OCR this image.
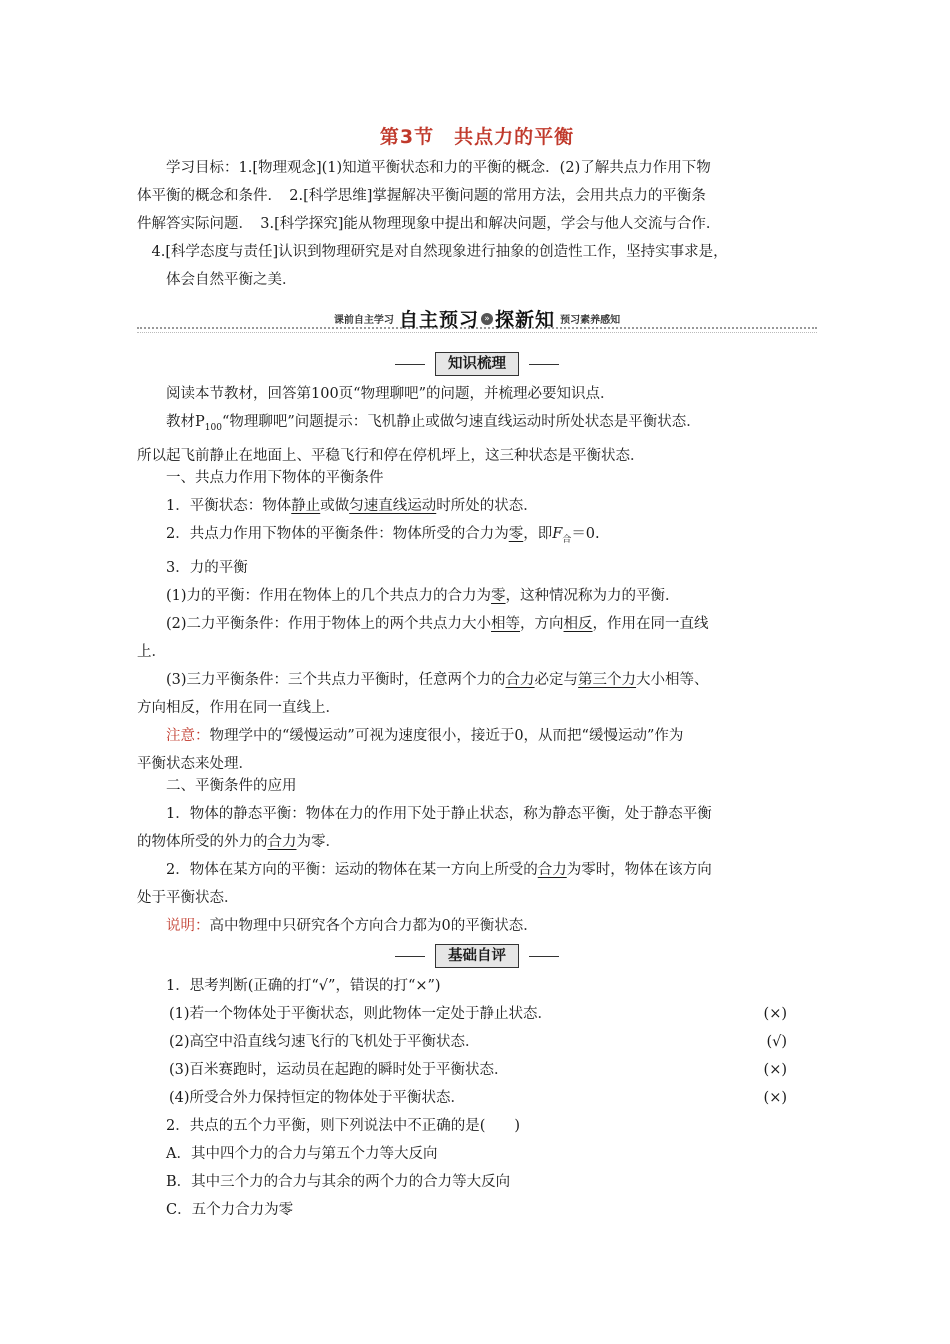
第3节　共点力的平衡
学习目标：1.[物理观念](1)知道平衡状态和力的平衡的概念．(2)了解共点力作用下物
体平衡的概念和条件．　2.[科学思维]掌握解决平衡问题的常用方法，会用共点力的平衡条
件解答实际问题．　3.[科学探究]能从物理现象中提出和解决问题，学会与他人交流与合作．
4.[科学态度与责任]认识到物理研究是对自然现象进行抽象的创造性工作，坚持实事求是，
体会自然平衡之美．
课前自主学习 自主预习 » 探新知 预习素养感知
知识梳理
阅读本节教材，回答第100页“物理聊吧”的问题，并梳理必要知识点．
教材$P_{100}“$物理聊吧”问题提示：飞机静止或做匀速直线运动时所处状态是平衡状态．
所以起飞前静止在地面上、平稳飞行和停在停机坪上，这三种状态是平衡状态．
一、共点力作用下物体的平衡条件
1．平衡状态：物体静止或做匀速直线运动时所处的状态．
2．共点力作用下物体的平衡条件：物体所受的合力为零，即$F_合=0$.
3．力的平衡
(1)力的平衡：作用在物体上的几个共点力的合力为零，这种情况称为力的平衡．
(2)二力平衡条件：作用于物体上的两个共点力大小相等，方向相反，作用在同一直线
上．
(3)三力平衡条件：三个共点力平衡时，任意两个力的合力必定与第三个力大小相等、
方向相反，作用在同一直线上．
注意：物理学中的“缓慢运动”可视为速度很小，接近于0，从而把“缓慢运动”作为
平衡状态来处理．
二、平衡条件的应用
1．物体的静态平衡：物体在力的作用下处于静止状态，称为静态平衡，处于静态平衡
的物体所受的外力的合力为零．
2．物体在某方向的平衡：运动的物体在某一方向上所受的合力为零时，物体在该方向
处于平衡状态．
说明：高中物理中只研究各个方向合力都为0的平衡状态．
基础自评
1．思考判断(正确的打“√”，错误的打“×”)
(1)若一个物体处于平衡状态，则此物体一定处于静止状态．	(×)
(2)高空中沿直线匀速飞行的飞机处于平衡状态．	(√)
(3)百米赛跑时，运动员在起跑的瞬时处于平衡状态．	(×)
(4)所受合外力保持恒定的物体处于平衡状态．	(×)
2．共点的五个力平衡，则下列说法中不正确的是(　　)
A．其中四个力的合力与第五个力等大反向
B．其中三个力的合力与其余的两个力的合力等大反向
C．五个力合力为零
